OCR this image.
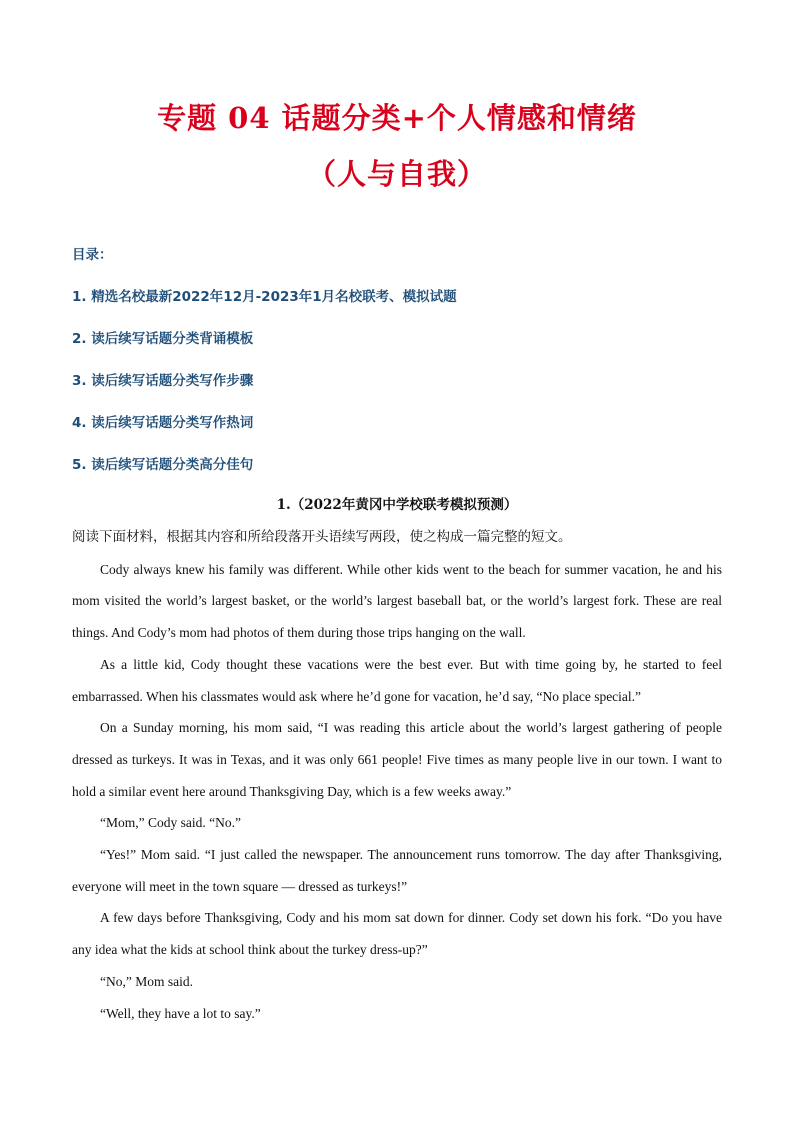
专题 04 话题分类+个人情感和情绪
（人与自我）
目录：
1. 精选名校最新2022年12月-2023年1月名校联考、模拟试题
2. 读后续写话题分类背诵模板
3. 读后续写话题分类写作步骤
4. 读后续写话题分类写作热词
5. 读后续写话题分类高分佳句
1.（2022年黄冈中学校联考模拟预测）
阅读下面材料，根据其内容和所给段落开头语续写两段，使之构成一篇完整的短文。

Cody always knew his family was different. While other kids went to the beach for summer vacation, he and his mom visited the world’s largest basket, or the world’s largest baseball bat, or the world’s largest fork. These are real things. And Cody’s mom had photos of them during those trips hanging on the wall.

As a little kid, Cody thought these vacations were the best ever. But with time going by, he started to feel embarrassed. When his classmates would ask where he’d gone for vacation, he’d say, “No place special.”

On a Sunday morning, his mom said, “I was reading this article about the world’s largest gathering of people dressed as turkeys. It was in Texas, and it was only 661 people! Five times as many people live in our town. I want to hold a similar event here around Thanksgiving Day, which is a few weeks away.”

“Mom,” Cody said. “No.”

“Yes!” Mom said. “I just called the newspaper. The announcement runs tomorrow. The day after Thanksgiving, everyone will meet in the town square — dressed as turkeys!”

A few days before Thanksgiving, Cody and his mom sat down for dinner. Cody set down his fork. “Do you have any idea what the kids at school think about the turkey dress-up?”

“No,” Mom said.

“Well, they have a lot to say.”
